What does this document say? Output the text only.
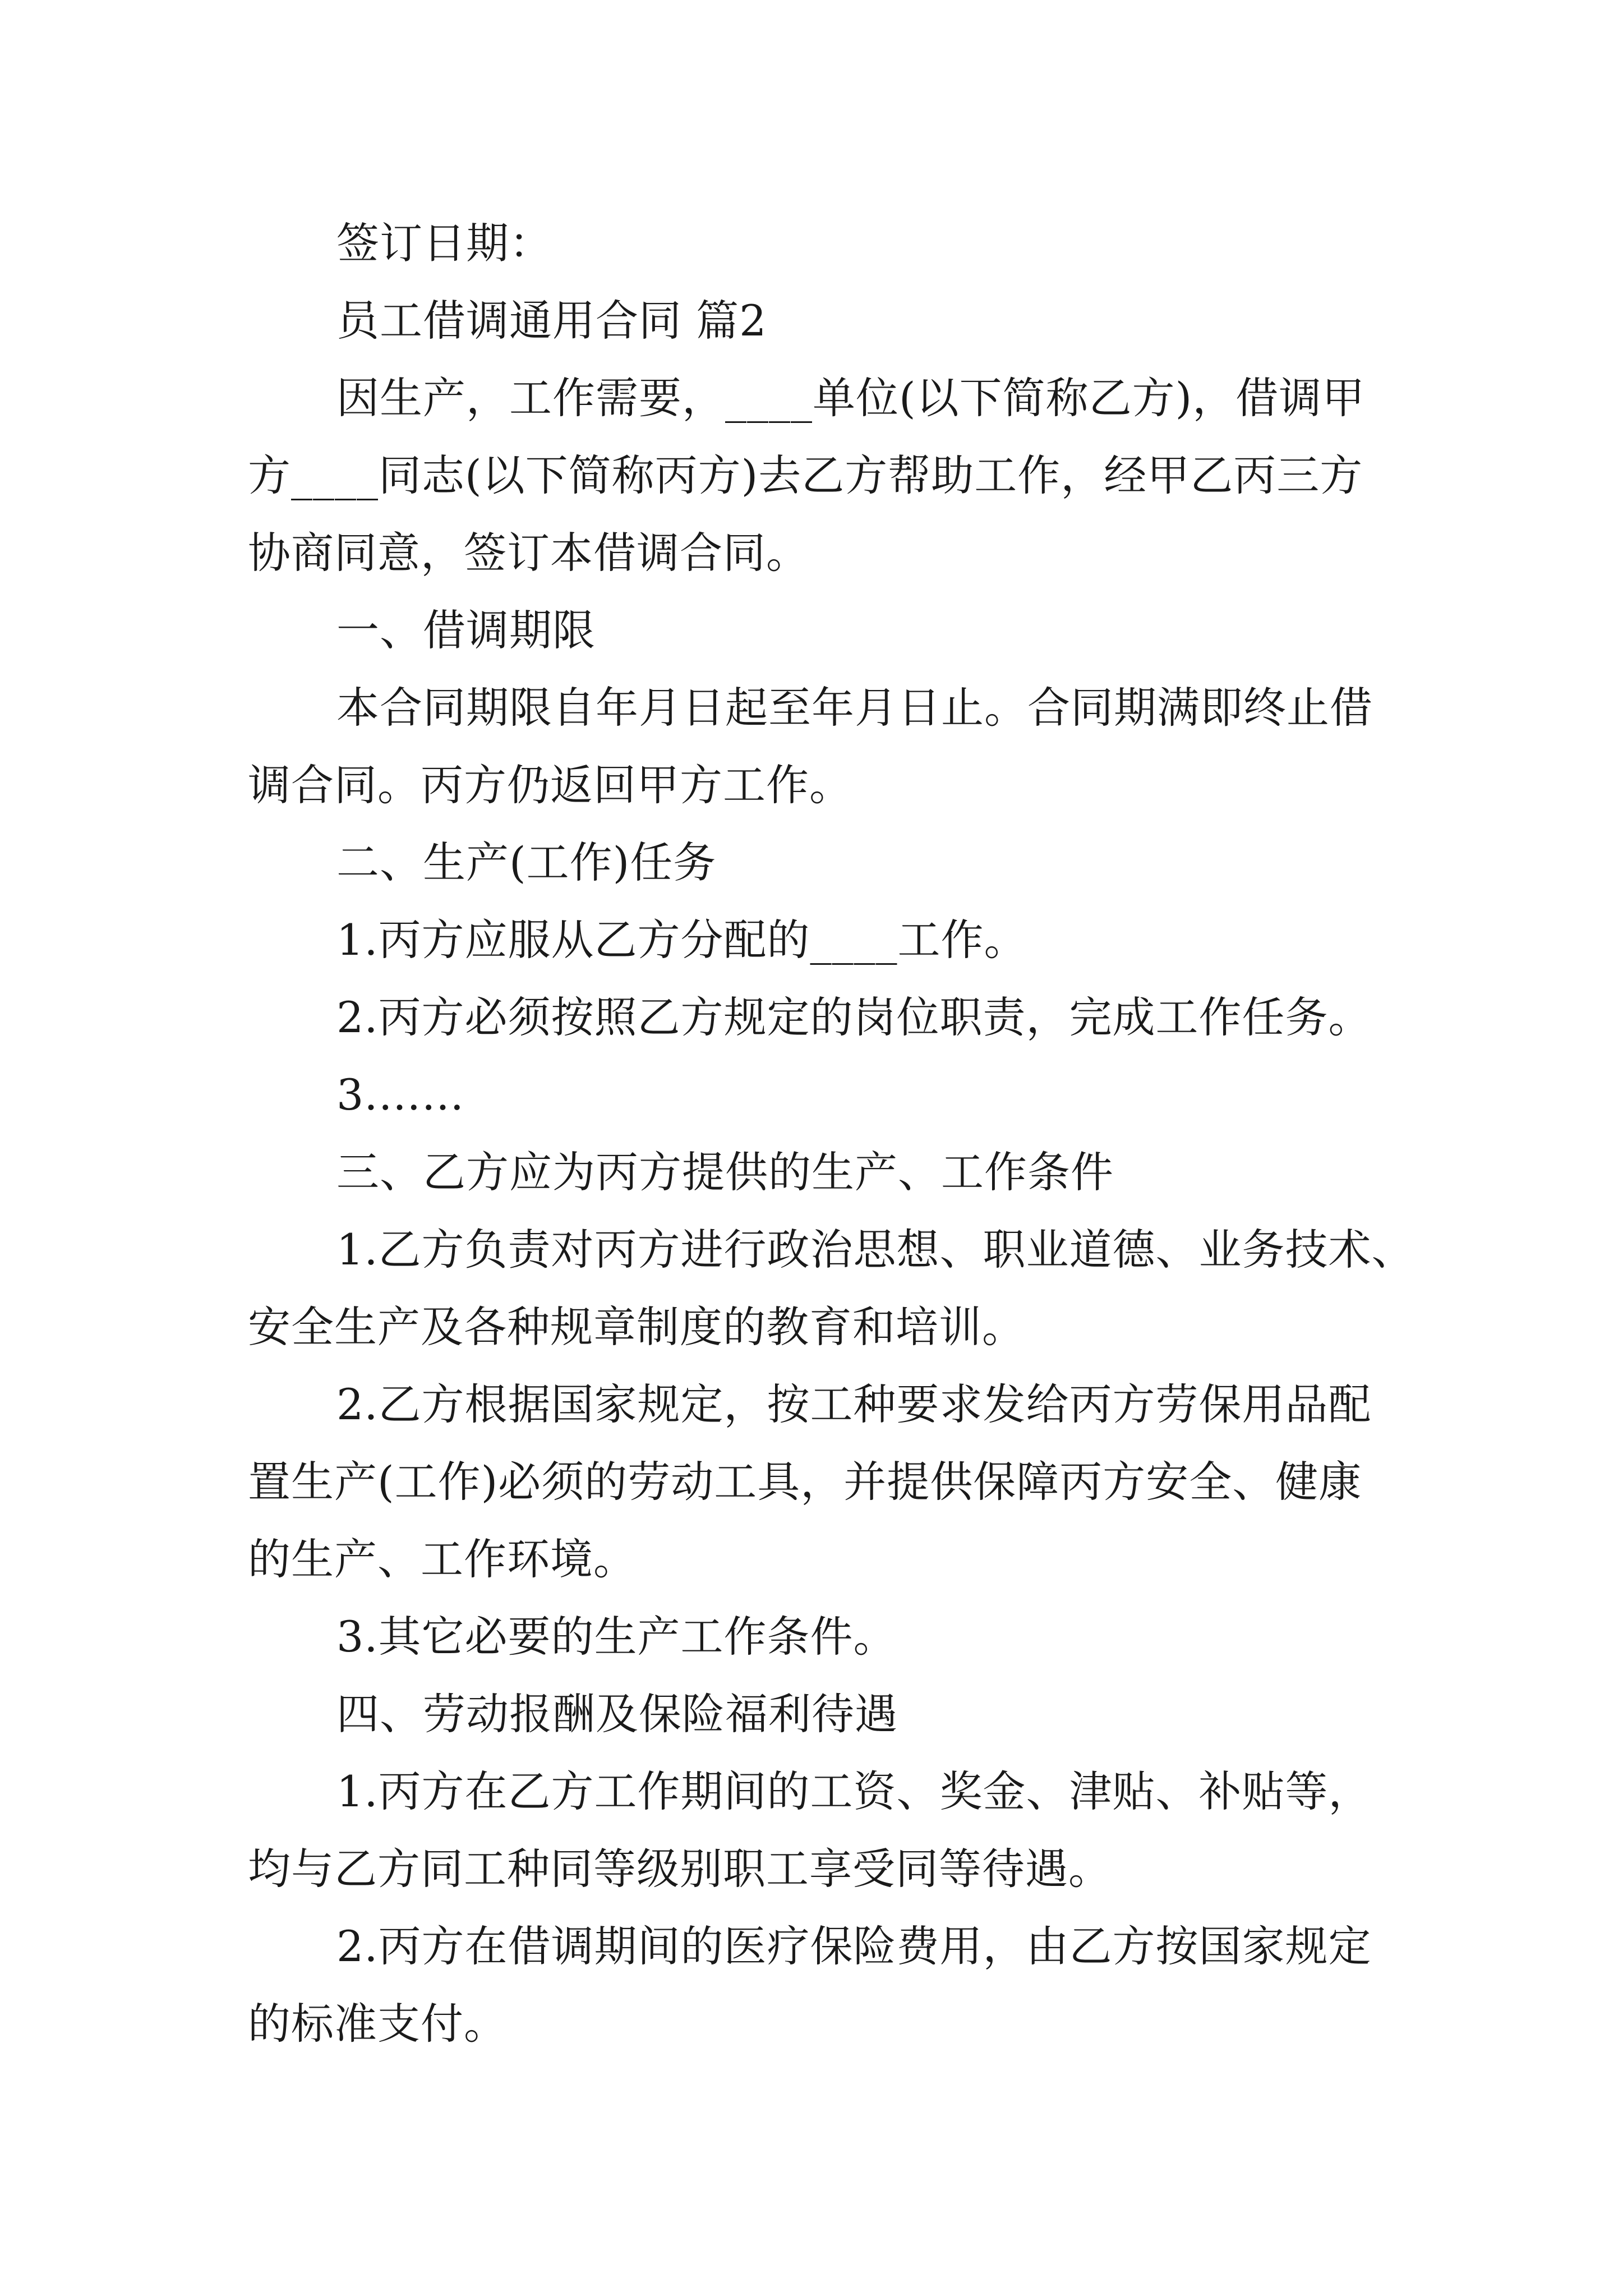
签订日期：
员工借调通用合同 篇2
因生产，工作需要，____单位(以下简称乙方)，借调甲
方____同志(以下简称丙方)去乙方帮助工作，经甲乙丙三方
协商同意，签订本借调合同。
一、借调期限
本合同期限自年月日起至年月日止。合同期满即终止借
调合同。丙方仍返回甲方工作。
二、生产(工作)任务
1.丙方应服从乙方分配的____工作。
2.丙方必须按照乙方规定的岗位职责，完成工作任务。
3.……
三、乙方应为丙方提供的生产、工作条件
1.乙方负责对丙方进行政治思想、职业道德、业务技术、
安全生产及各种规章制度的教育和培训。
2.乙方根据国家规定，按工种要求发给丙方劳保用品配
置生产(工作)必须的劳动工具，并提供保障丙方安全、健康
的生产、工作环境。
3.其它必要的生产工作条件。
四、劳动报酬及保险福利待遇
1.丙方在乙方工作期间的工资、奖金、津贴、补贴等，
均与乙方同工种同等级别职工享受同等待遇。
2.丙方在借调期间的医疗保险费用，由乙方按国家规定
的标准支付。
